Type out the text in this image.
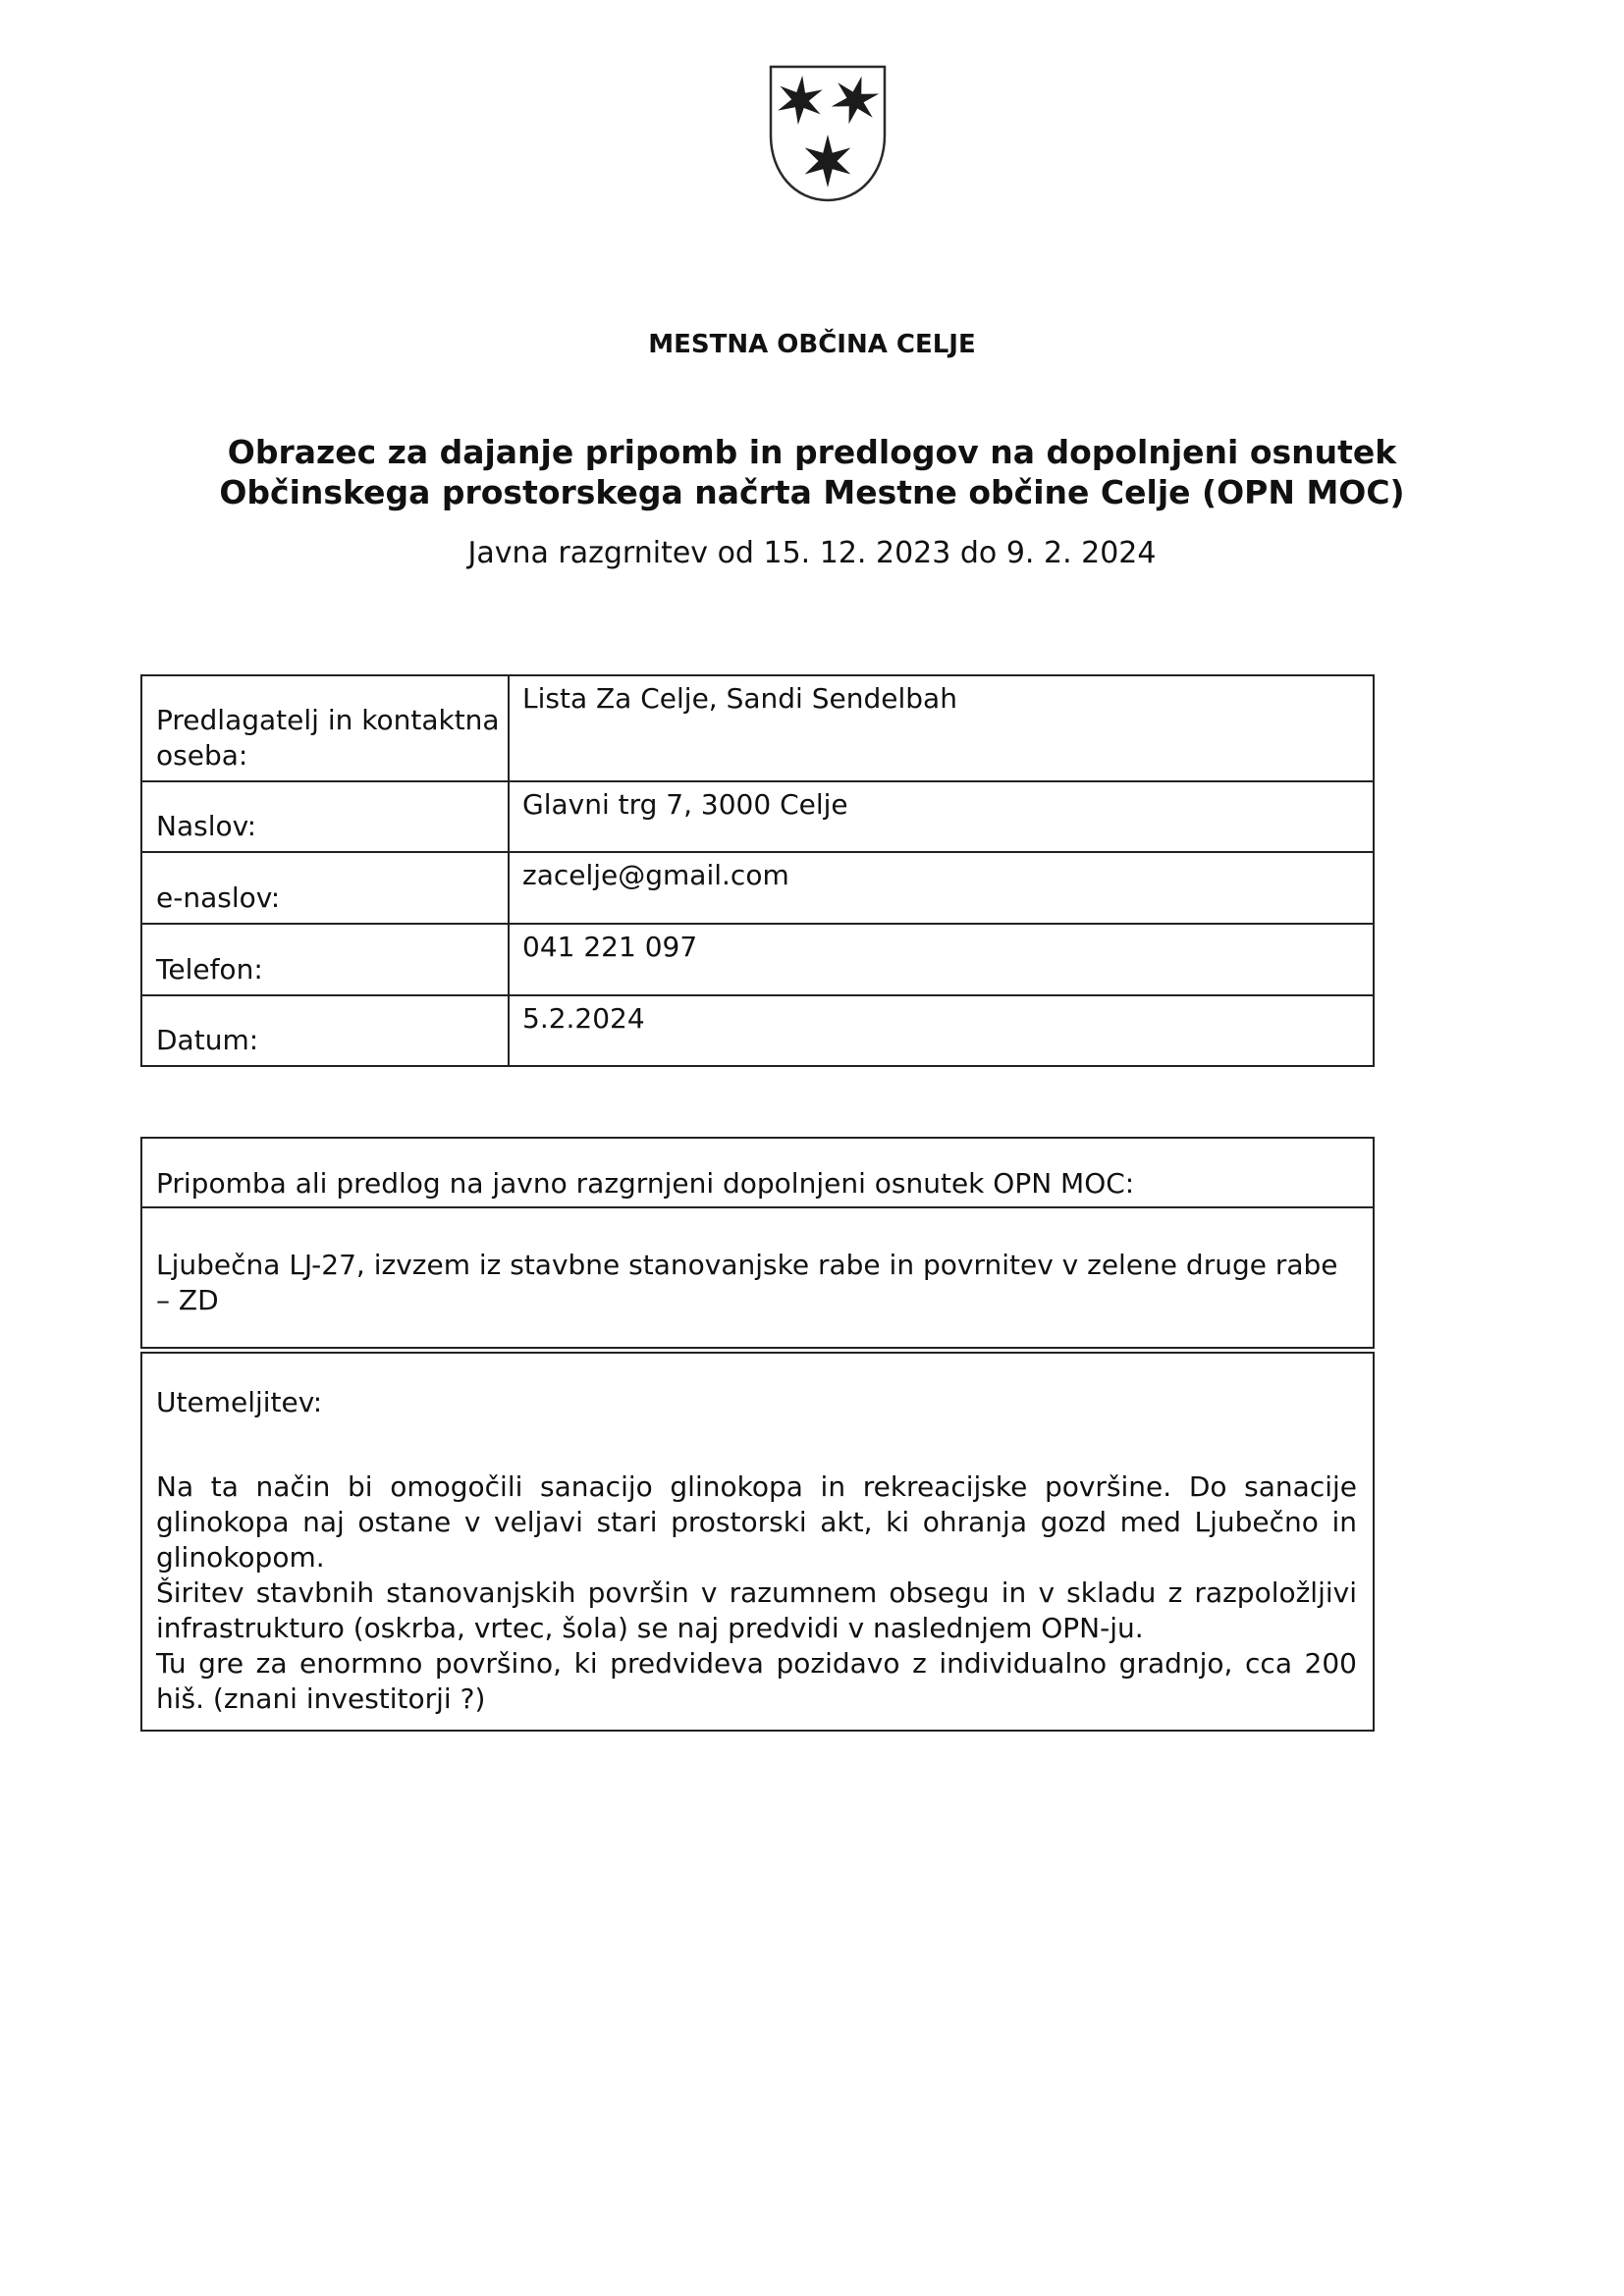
MESTNA OBČINA CELJE
Obrazec za dajanje pripomb in predlogov na dopolnjeni osnutek Občinskega prostorskega načrta Mestne občine Celje (OPN MOC)
Javna razgrnitev od 15. 12. 2023 do 9. 2. 2024
Predlagatelj in kontaktna oseba:	Lista Za Celje, Sandi Sendelbah
Naslov:	Glavni trg 7, 3000 Celje
e-naslov:	zacelje@gmail.com
Telefon:	041 221 097
Datum:	5.2.2024
Pripomba ali predlog na javno razgrnjeni dopolnjeni osnutek OPN MOC:
Ljubečna LJ-27, izvzem iz stavbne stanovanjske rabe in povrnitev v zelene druge rabe – ZD
Utemeljitev:

Na ta način bi omogočili sanacijo glinokopa in rekreacijske površine. Do sanacije glinokopa naj ostane v veljavi stari prostorski akt, ki ohranja gozd med Ljubečno in glinokopom.

Širitev stavbnih stanovanjskih površin v razumnem obsegu in v skladu z razpoložljivi infrastrukturo (oskrba, vrtec, šola) se naj predvidi v naslednjem OPN-ju.

Tu gre za enormno površino, ki predvideva pozidavo z individualno gradnjo, cca 200 hiš. (znani investitorji ?)
